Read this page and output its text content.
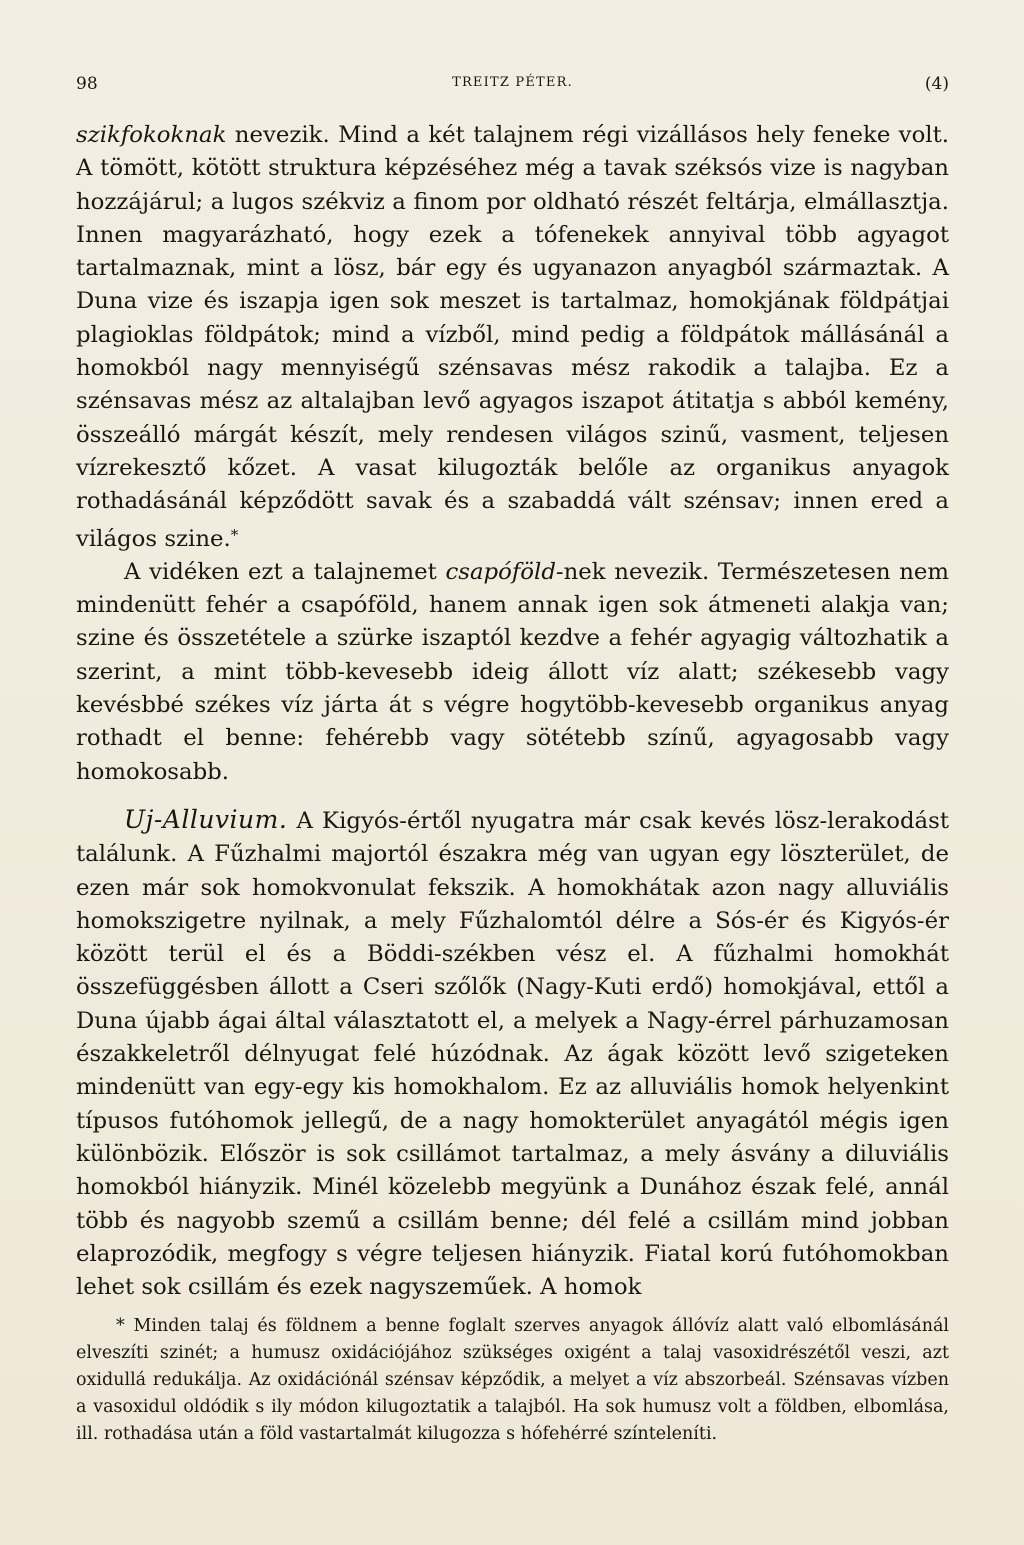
98	TREITZ PÉTER.	(4)

szikfokoknak nevezik. Mind a két talajnem régi vizállásos hely feneke volt. A tömött, kötött struktura képzéséhez még a tavak széksós vize is nagyban hozzájárul; a lugos székviz a finom por oldható részét feltárja, elmállasztja. Innen magyarázható, hogy ezek a tófenekek annyival több agyagot tartalmaznak, mint a lösz, bár egy és ugyanazon anyagból származtak. A Duna vize és iszapja igen sok meszet is tartalmaz, homokjának földpátjai plagioklas földpátok; mind a vízből, mind pedig a földpátok mállásánál a homokból nagy mennyiségű szénsavas mész rakodik a talajba. Ez a szénsavas mész az altalajban levő agyagos iszapot átitatja s abból kemény, összeálló márgát készít, mely rendesen világos szinű, vasment, teljesen vízrekesztő kőzet. A vasat kilugozták belőle az organikus anyagok rothadásánál képződött savak és a szabaddá vált szénsav; innen ered a világos szine.*

A vidéken ezt a talajnemet csapóföld-nek nevezik. Természetesen nem mindenütt fehér a csapóföld, hanem annak igen sok átmeneti alakja van; szine és összetétele a szürke iszaptól kezdve a fehér agyagig változhatik a szerint, a mint több-kevesebb ideig állott víz alatt; székesebb vagy kevésbbé székes víz járta át s végre hogytöbb-kevesebb organikus anyag rothadt el benne: fehérebb vagy sötétebb színű, agyagosabb vagy homokosabb.

Uj-Alluvium. A Kigyós-értől nyugatra már csak kevés lösz-lerakodást találunk. A Fűzhalmi majortól északra még van ugyan egy löszterület, de ezen már sok homokvonulat fekszik. A homokhátak azon nagy alluviális homokszigetre nyilnak, a mely Fűzhalomtól délre a Sós-ér és Kigyós-ér között terül el és a Böddi-székben vész el. A fűzhalmi homokhát összefüggésben állott a Cseri szőlők (Nagy-Kuti erdő) homokjával, ettől a Duna újabb ágai által választatott el, a melyek a Nagy-érrel párhuzamosan északkeletről délnyugat felé húzódnak. Az ágak között levő szigeteken mindenütt van egy-egy kis homokhalom. Ez az alluviális homok helyenkint típusos futóhomok jellegű, de a nagy homokterület anyagától mégis igen különbözik. Először is sok csillámot tartalmaz, a mely ásvány a diluviális homokból hiányzik. Minél közelebb megyünk a Dunához észak felé, annál több és nagyobb szemű a csillám benne; dél felé a csillám mind jobban elaprozódik, megfogy s végre teljesen hiányzik. Fiatal korú futóhomokban lehet sok csillám és ezek nagyszeműek. A homok

* Minden talaj és földnem a benne foglalt szerves anyagok állóvíz alatt való elbomlásánál elveszíti szinét; a humusz oxidációjához szükséges oxigént a talaj vasoxidrészétől veszi, azt oxidullá redukálja. Az oxidációnál szénsav képződik, a melyet a víz abszorbeál. Szénsavas vízben a vasoxidul oldódik s ily módon kilugoztatik a talajból. Ha sok humusz volt a földben, elbomlása, ill. rothadása után a föld vastartalmát kilugozza s hófehérré színteleníti.
